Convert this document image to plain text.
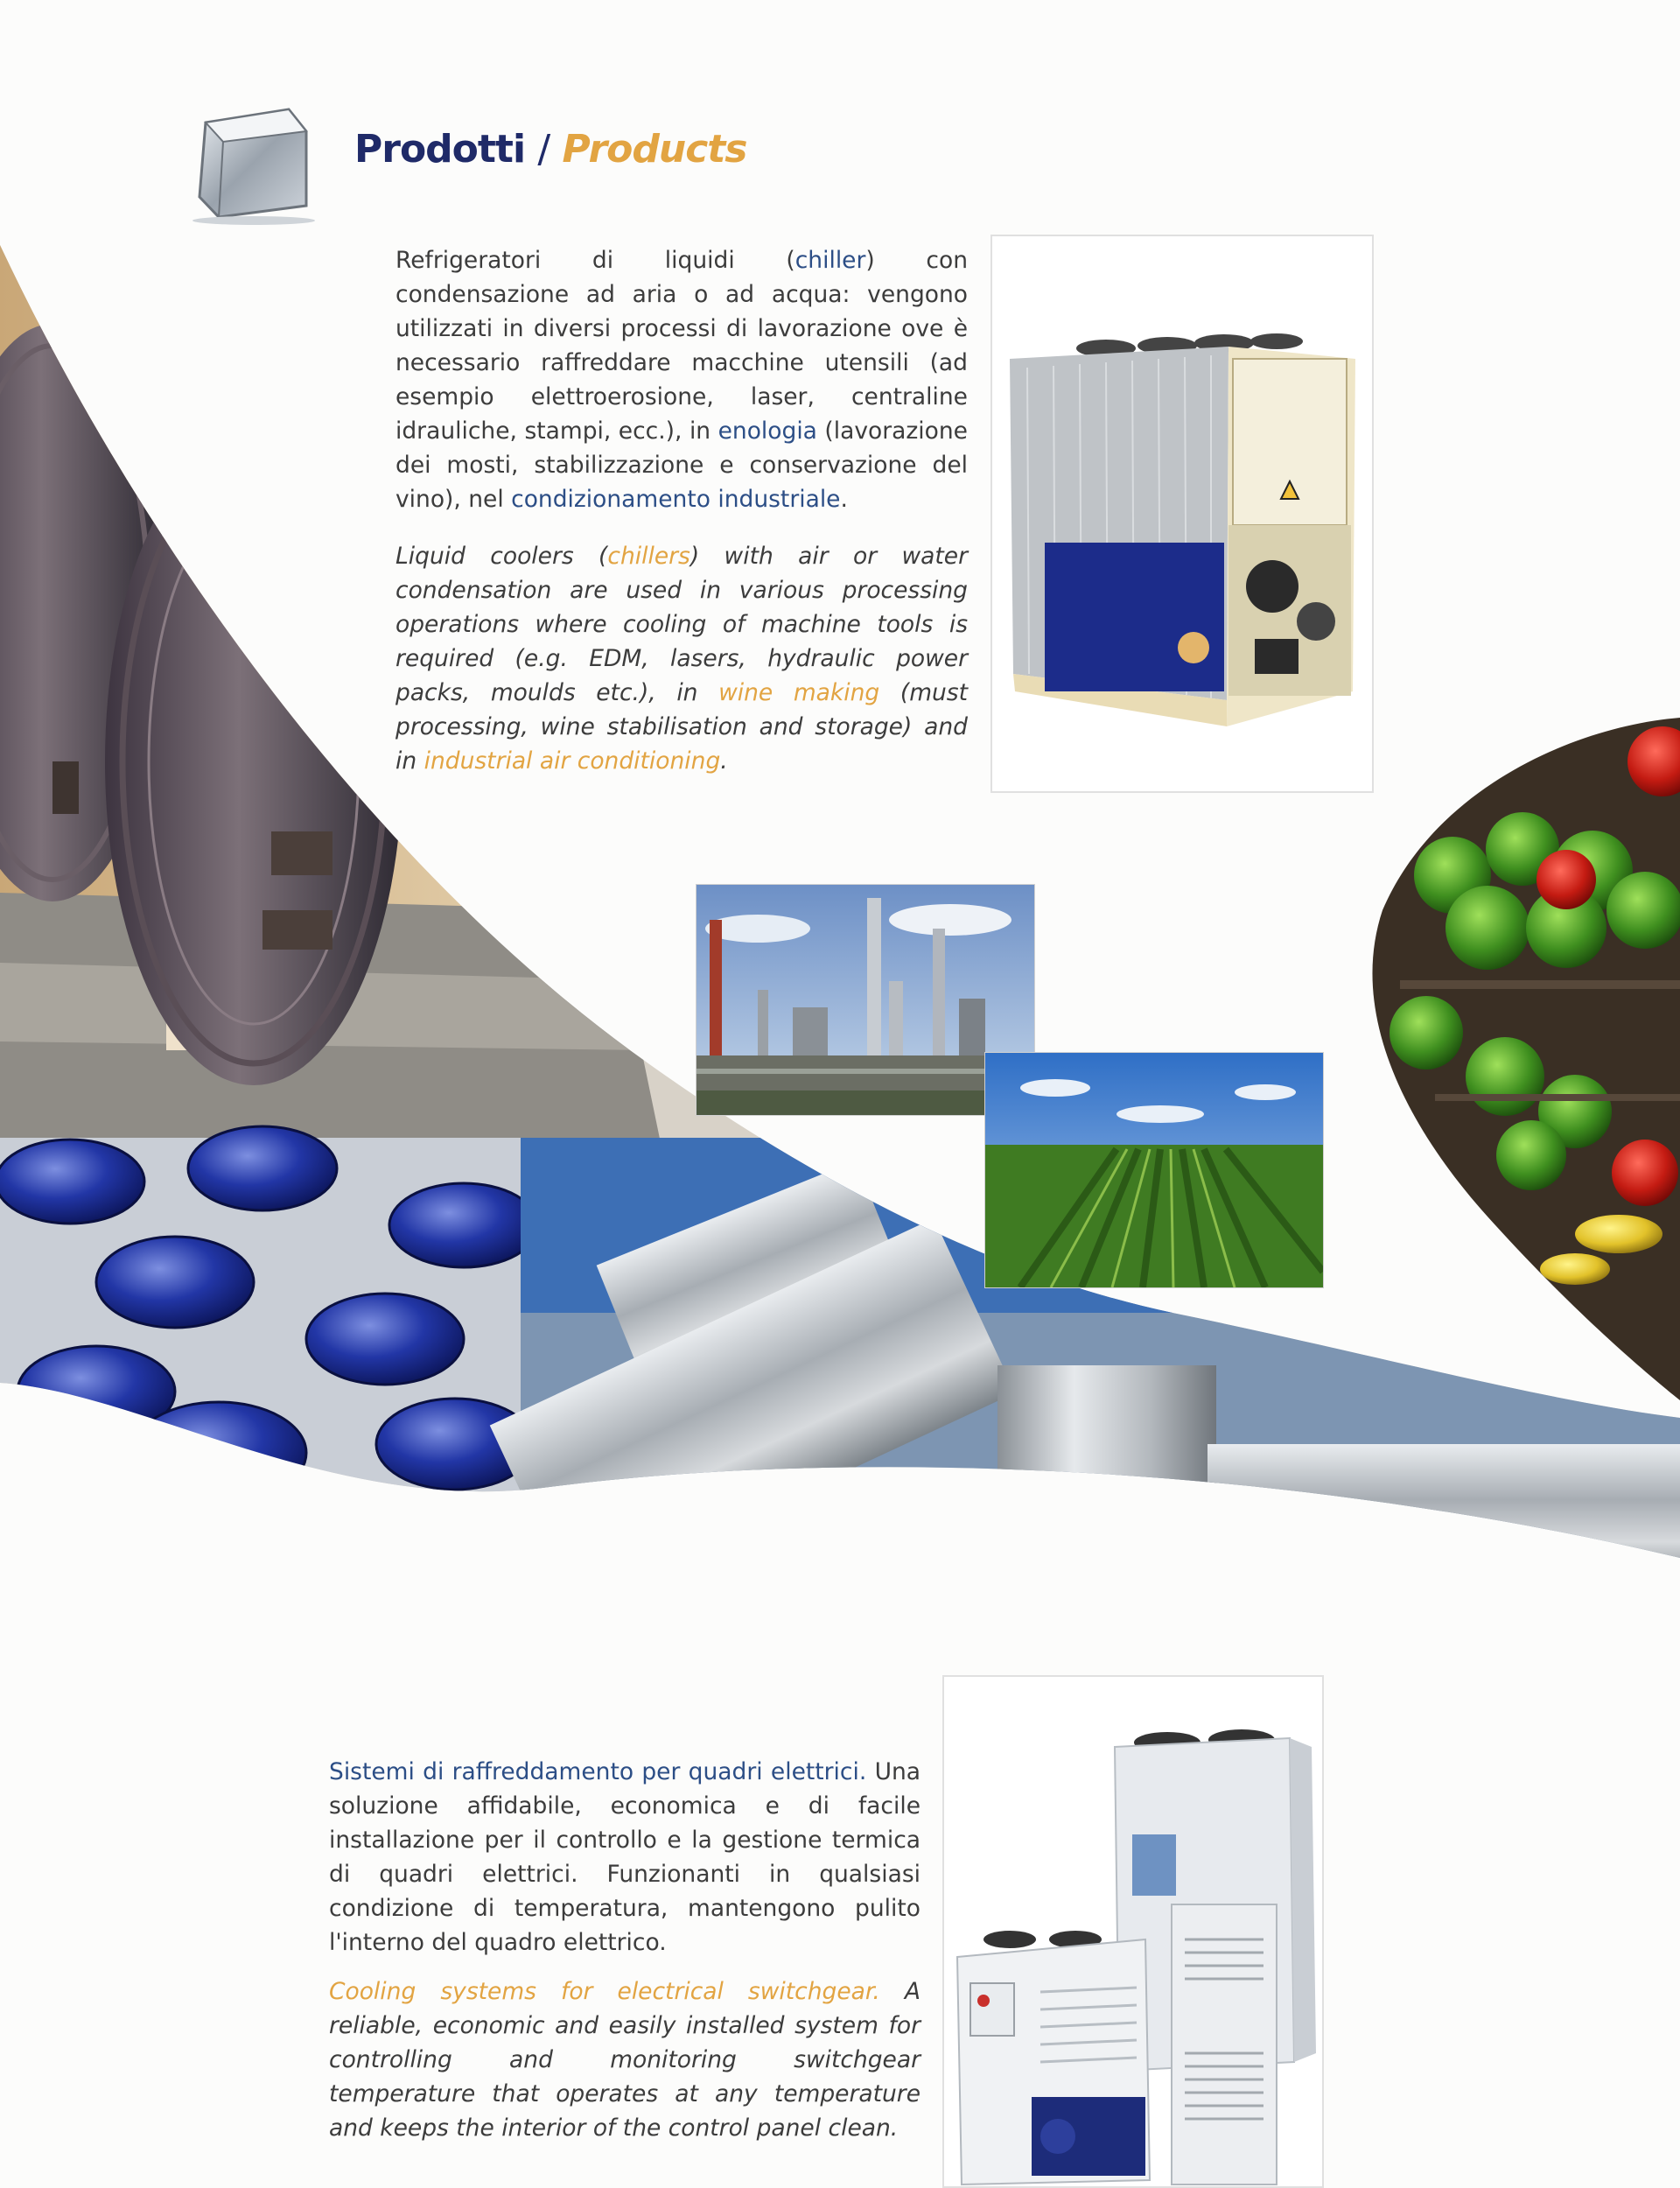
Prodotti / Products

Refrigeratori di liquidi (chiller) con condensazione ad aria o ad acqua: vengono utilizzati in diversi processi di lavorazione ove è necessario raffreddare macchine utensili (ad esempio elettroerosione, laser, centraline idrauliche, stampi, ecc.), in enologia (lavorazione dei mosti, stabilizzazione e conservazione del vino), nel condizionamento industriale.

Liquid coolers (chillers) with air or water condensation are used in various processing operations where cooling of machine tools is required (e.g. EDM, lasers, hydraulic power packs, moulds etc.), in wine making (must processing, wine stabilisation and storage) and in industrial air conditioning.

Sistemi di raffreddamento per quadri elettrici. Una soluzione affidabile, economica e di facile installazione per il controllo e la gestione termica di quadri elettrici. Funzionanti in qualsiasi condizione di temperatura, mantengono pulito l'interno del quadro elettrico.

Cooling systems for electrical switchgear. A reliable, economic and easily installed system for controlling and monitoring switchgear temperature that operates at any temperature and keeps the interior of the control panel clean.
